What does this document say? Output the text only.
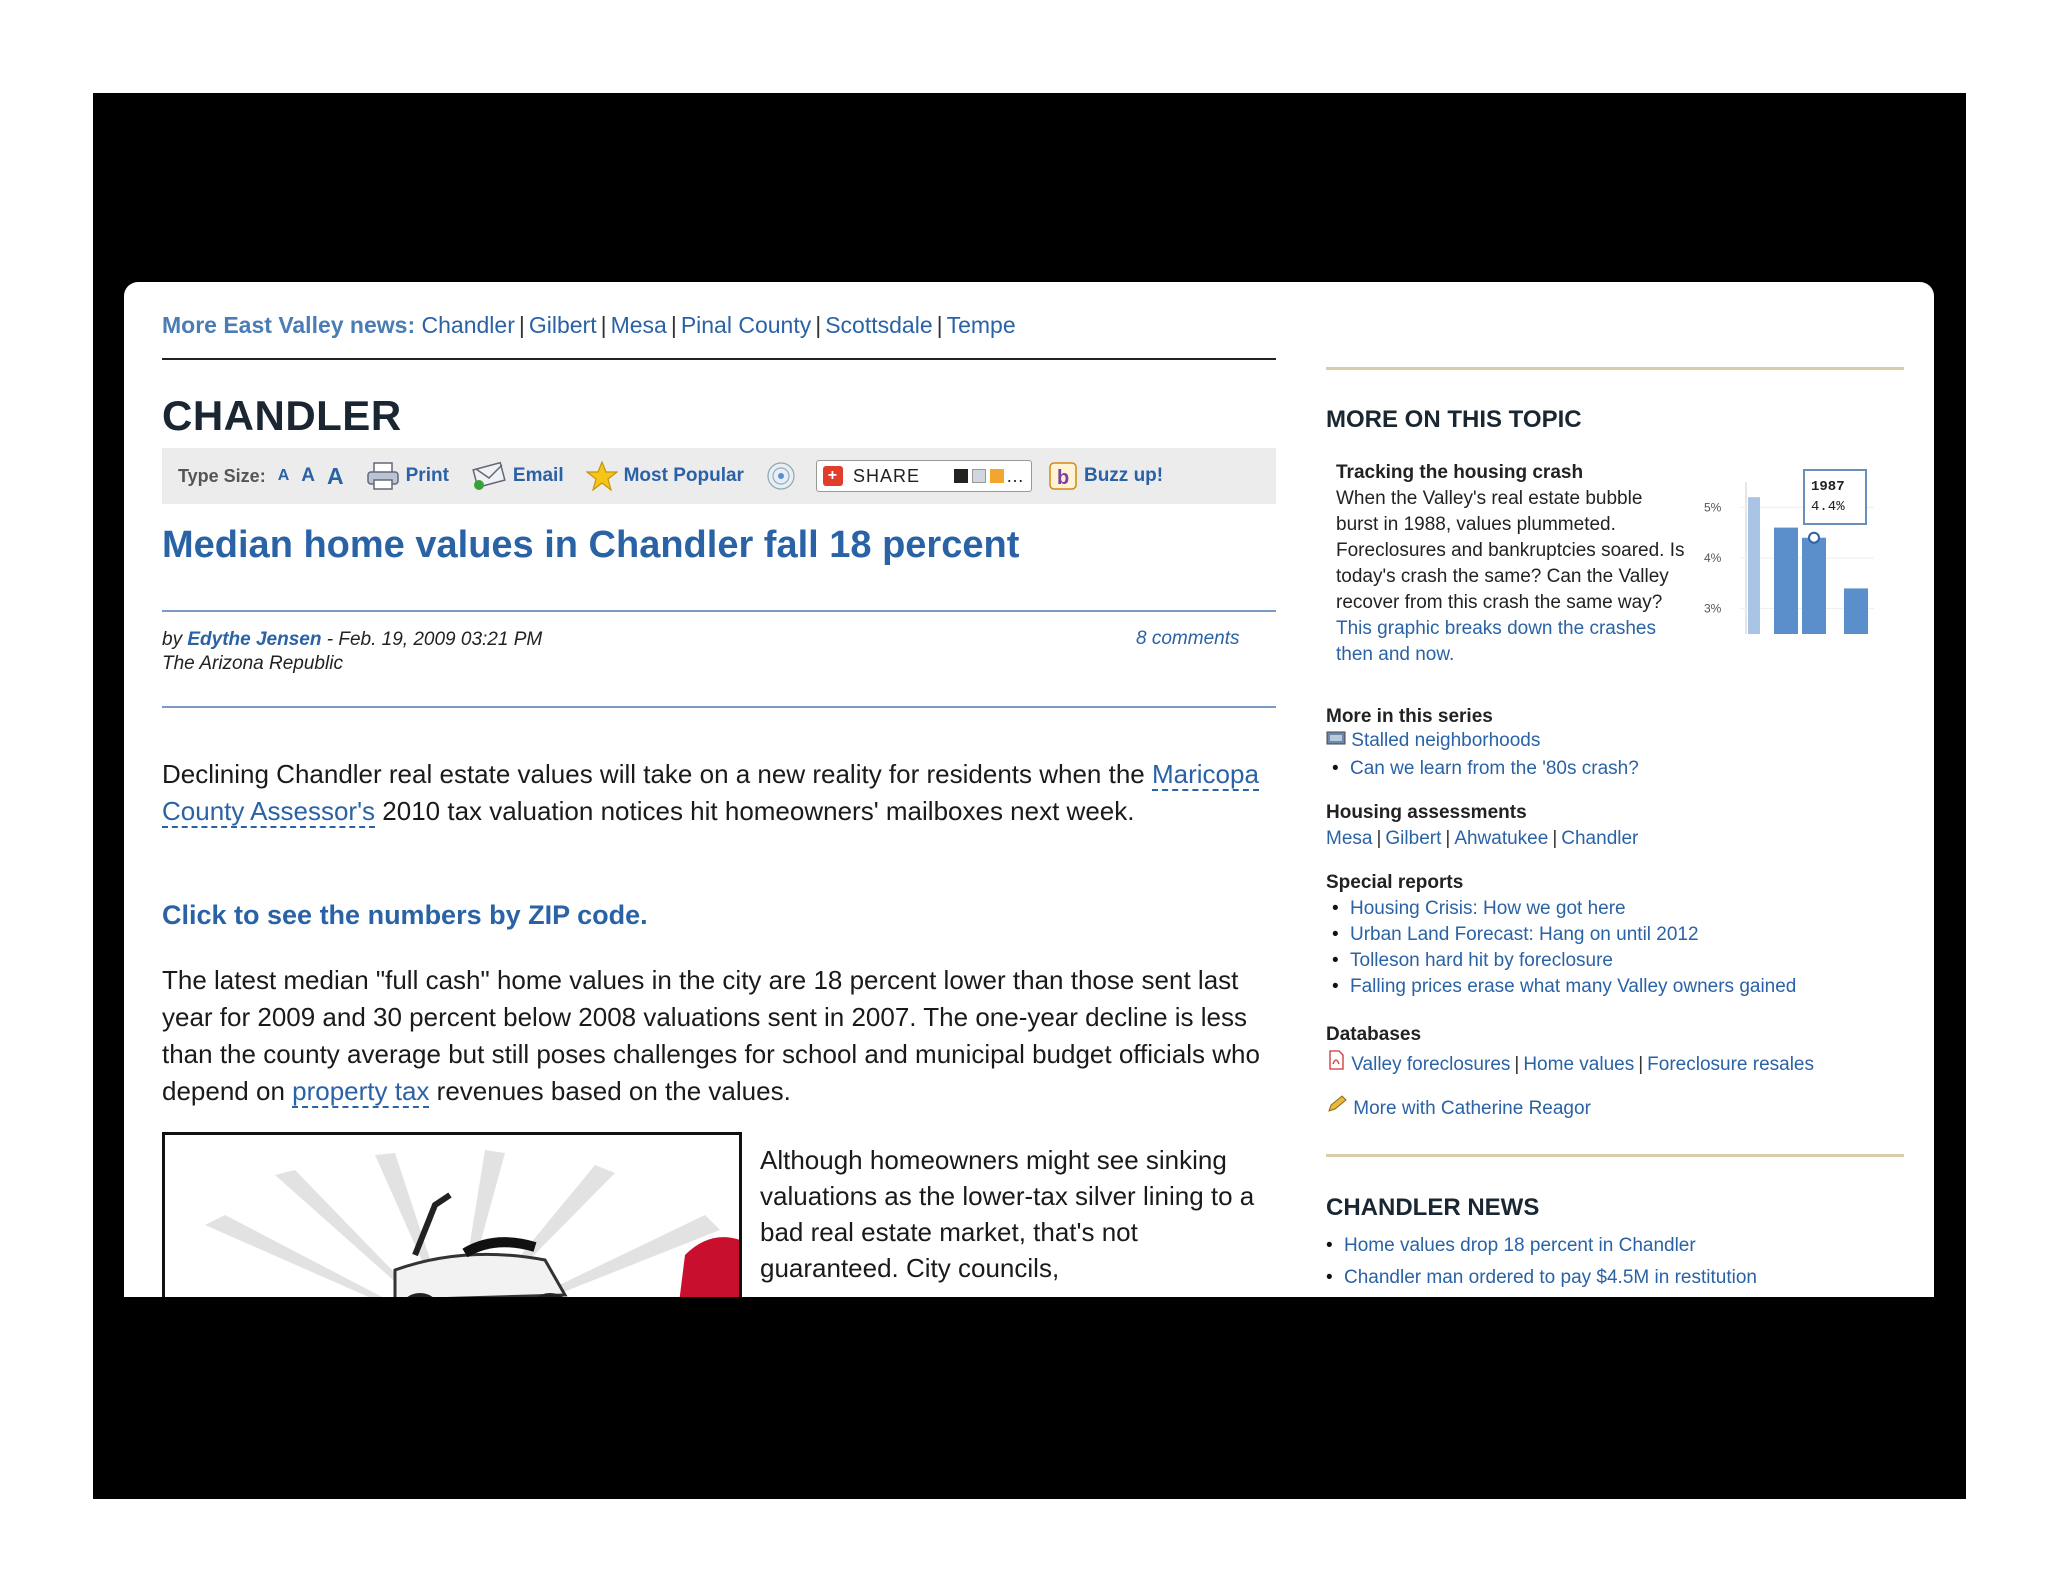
More East Valley news: Chandler | Gilbert | Mesa | Pinal County | Scottsdale | Tempe
CHANDLER
Type Size: A A A	Print	Email	Most Popular	+ SHARE	… b Buzz up!
Median home values in Chandler fall 18 percent
by Edythe Jensen - Feb. 19, 2009 03:21 PM
The Arizona Republic
8 comments

Declining Chandler real estate values will take on a new reality for residents when the Maricopa County Assessor's 2010 tax valuation notices hit homeowners' mailboxes next week.

Click to see the numbers by ZIP code.

The latest median "full cash" home values in the city are 18 percent lower than those sent last year for 2009 and 30 percent below 2008 valuations sent in 2007. The one-year decline is less than the county average but still poses challenges for school and municipal budget officials who depend on property tax revenues based on the values.

Although homeowners might see sinking valuations as the lower-tax silver lining to a bad real estate market, that's not guaranteed. City councils,

MORE ON THIS TOPIC
Tracking the housing crash

When the Valley's real estate bubble burst in 1988, values plummeted. Foreclosures and bankruptcies soared. Is today's crash the same? Can the Valley recover from this crash the same way? This graphic breaks down the crashes then and now.

5%
4%
3%
1987
4.4%
More in this series
Stalled neighborhoods
• Can we learn from the '80s crash?
Housing assessments
Mesa | Gilbert | Ahwatukee | Chandler
Special reports
• Housing Crisis: How we got here
• Urban Land Forecast: Hang on until 2012
• Tolleson hard hit by foreclosure
• Falling prices erase what many Valley owners gained
Databases
Valley foreclosures | Home values | Foreclosure resales
More with Catherine Reagor
CHANDLER NEWS
• Home values drop 18 percent in Chandler
• Chandler man ordered to pay $4.5M in restitution
